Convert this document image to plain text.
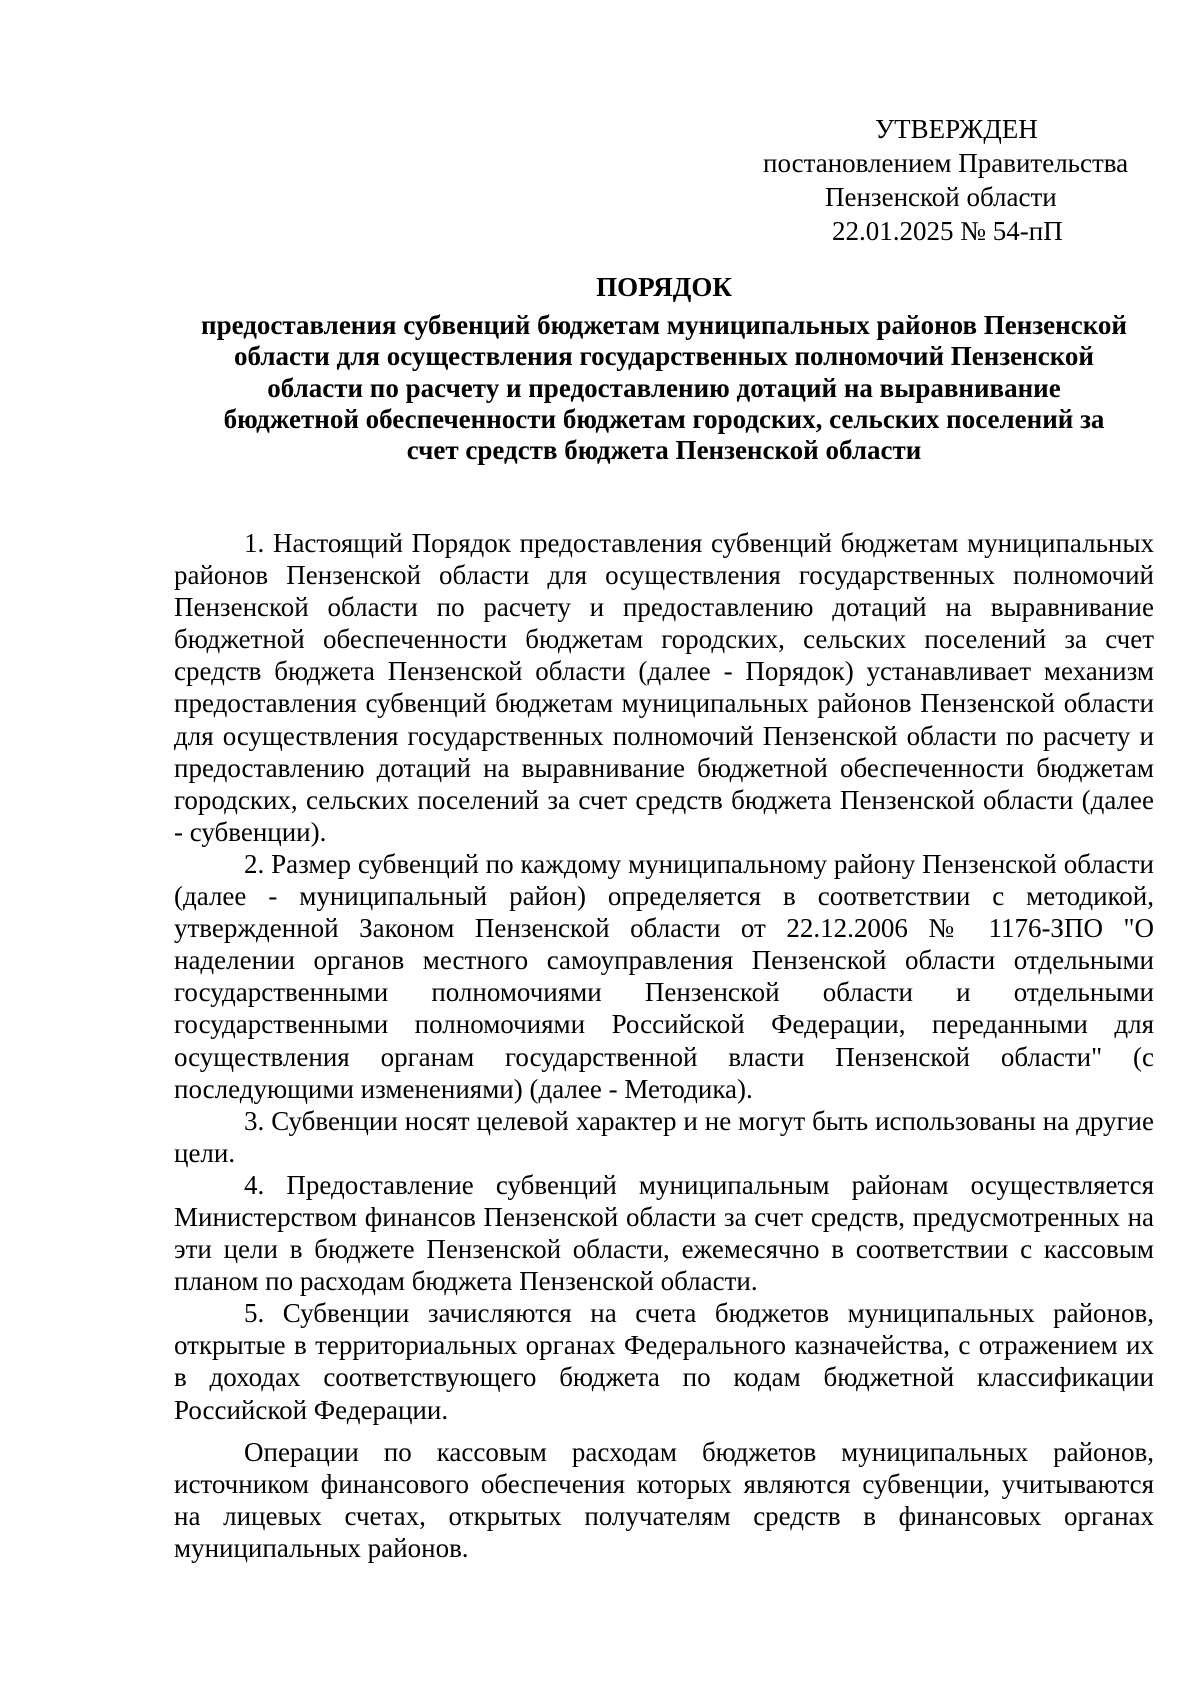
УТВЕРЖДЕН
постановлением Правительства
Пензенской области
22.01.2025 № 54-пП
ПОРЯДОК
предоставления субвенций бюджетам муниципальных районов Пензенской области для осуществления государственных полномочий Пензенской области по расчету и предоставлению дотаций на выравнивание бюджетной обеспеченности бюджетам городских, сельских поселений за счет средств бюджета Пензенской области

1. Настоящий Порядок предоставления субвенций бюджетам муниципальных районов Пензенской области для осуществления государственных полномочий Пензенской области по расчету и предоставлению дотаций на выравнивание бюджетной обеспеченности бюджетам городских, сельских поселений за счет средств бюджета Пензенской области (далее - Порядок) устанавливает механизм предоставления субвенций бюджетам муниципальных районов Пензенской области для осуществления государственных полномочий Пензенской области по расчету и предоставлению дотаций на выравнивание бюджетной обеспеченности бюджетам городских, сельских поселений за счет средств бюджета Пензенской области (далее - субвенции).

2. Размер субвенций по каждому муниципальному району Пензенской области (далее - муниципальный район) определяется в соответствии с методикой, утвержденной Законом Пензенской области от 22.12.2006 № 1176-ЗПО "О наделении органов местного самоуправления Пензенской области отдельными государственными полномочиями Пензенской области и отдельными государственными полномочиями Российской Федерации, переданными для осуществления органам государственной власти Пензенской области" (с последующими изменениями) (далее - Методика).

3. Субвенции носят целевой характер и не могут быть использованы на другие цели.

4. Предоставление субвенций муниципальным районам осуществляется Министерством финансов Пензенской области за счет средств, предусмотренных на эти цели в бюджете Пензенской области, ежемесячно в соответствии с кассовым планом по расходам бюджета Пензенской области.

5. Субвенции зачисляются на счета бюджетов муниципальных районов, открытые в территориальных органах Федерального казначейства, с отражением их в доходах соответствующего бюджета по кодам бюджетной классификации Российской Федерации.

Операции по кассовым расходам бюджетов муниципальных районов, источником финансового обеспечения которых являются субвенции, учитываются на лицевых счетах, открытых получателям средств в финансовых органах муниципальных районов.
